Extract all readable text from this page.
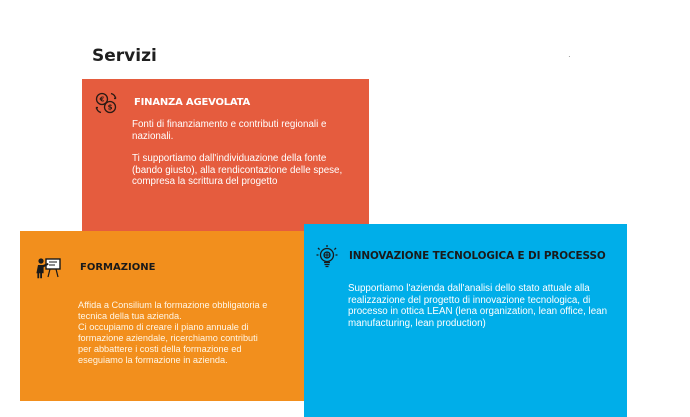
Servizi	·
€
$ FINANZA AGEVOLATA

Fonti di finanziamento e contributi regionali e nazionali.

Ti supportiamo dall'individuazione della fonte (bando giusto), alla rendicontazione delle spese, compresa la scrittura del progetto

FORMAZIONE

Affida a Consilium la formazione obbligatoria e

tecnica della tua azienda.

Ci occupiamo di creare il piano annuale di

formazione aziendale, ricerchiamo contributi

per abbattere i costi della formazione ed

eseguiamo la formazione in azienda.

INNOVAZIONE TECNOLOGICA E DI PROCESSO

Supportiamo l'azienda dall'analisi dello stato attuale alla realizzazione del progetto di innovazione tecnologica, di processo in ottica LEAN (lena organization, lean office, lean manufacturing, lean production)
